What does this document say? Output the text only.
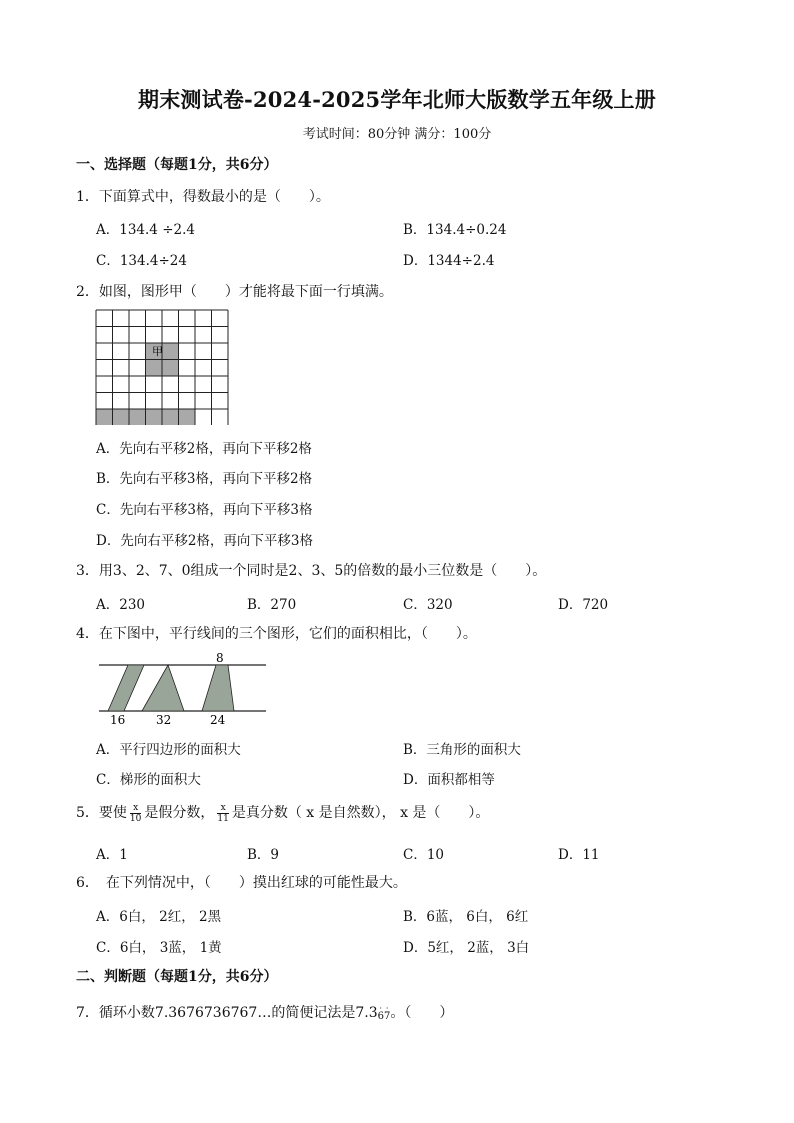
期末测试卷-2024-2025学年北师大版数学五年级上册
考试时间：80分钟 满分：100分
一、选择题（每题1分，共6分）
1．下面算式中，得数最小的是（　　）。
A．134.4 ÷2.4	B．134.4÷0.24
C．134.4÷24	D．1344÷2.4
2．如图，图形甲（　　）才能将最下面一行填满。
甲
A．先向右平移2格，再向下平移2格
B．先向右平移3格，再向下平移2格
C．先向右平移3格，再向下平移3格
D．先向右平移2格，再向下平移3格
3．用3、2、7、0组成一个同时是2、3、5的倍数的最小三位数是（　　）。
A．230	B．270	C．320	D．720
4．在下图中，平行线间的三个图形，它们的面积相比，（　　）。
8
16	32	24
A．平行四边形的面积大	B．三角形的面积大
C．梯形的面积大	D．面积都相等
5．要使 $\frac{x}{10}$ 是假分数， $\frac{x}{11}$ 是真分数（ x 是自然数）， x 是（　　）。
A．1	B．9	C．10	D．11
6．　在下列情况中，（　　）摸出红球的可能性最大。
A．6白， 2红， 2黑	B．6蓝， 6白， 6红
C．6白， 3蓝， 1黄	D．5红， 2蓝， 3白
二、判断题（每题1分，共6分）
7．循环小数7.3676736767…的简便记法是7.3 ·
6
·
7。（　　）
